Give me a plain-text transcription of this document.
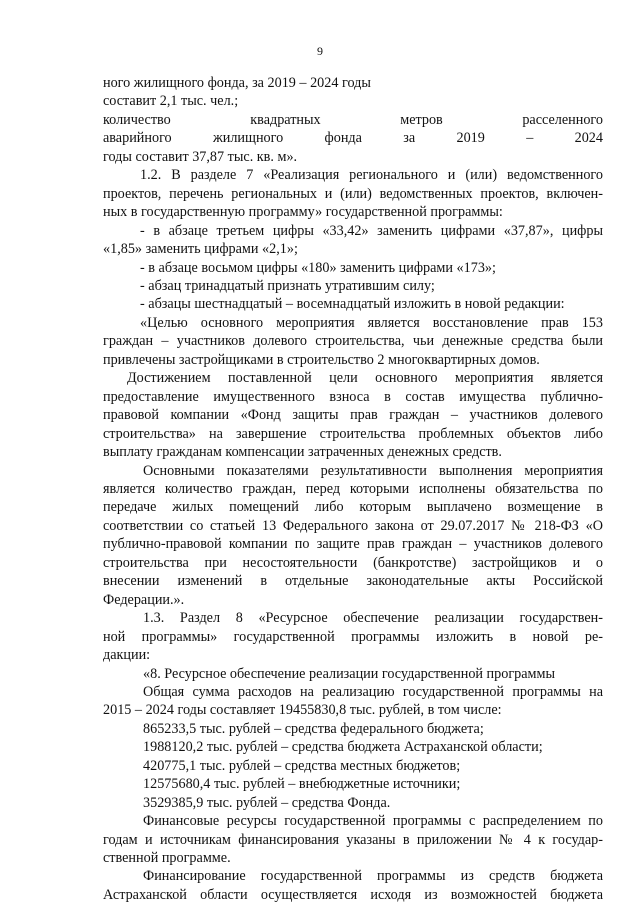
9

ного жилищного фонда, за 2019 – 2024 годы

составит 2,1 тыс. чел.;

количество квадратных метров расселенного

аварийного жилищного фонда за 2019 – 2024

годы составит 37,87 тыс. кв. м».

1.2. В разделе 7 «Реализация регионального и (или) ведомственного

проектов, перечень региональных и (или) ведомственных проектов, включен-

ных в государственную программу» государственной программы:

- в абзаце третьем цифры «33,42» заменить цифрами «37,87», цифры

«1,85» заменить цифрами «2,1»;

- в абзаце восьмом цифры «180» заменить цифрами «173»;

- абзац тринадцатый признать утратившим силу;

- абзацы шестнадцатый – восемнадцатый изложить в новой редакции:

«Целью основного мероприятия является восстановление прав 153

граждан – участников долевого строительства, чьи денежные средства были

привлечены застройщиками в строительство 2 многоквартирных домов.

Достижением поставленной цели основного мероприятия является

предоставление имущественного взноса в состав имущества публично-

правовой компании «Фонд защиты прав граждан – участников долевого

строительства» на завершение строительства проблемных объектов либо

выплату гражданам компенсации затраченных денежных средств.

Основными показателями результативности выполнения мероприятия

является количество граждан, перед которыми исполнены обязательства по

передаче жилых помещений либо которым выплачено возмещение в

соответствии со статьей 13 Федерального закона от 29.07.2017 № 218-ФЗ «О

публично-правовой компании по защите прав граждан – участников долевого

строительства при несостоятельности (банкротстве) застройщиков и о

внесении изменений в отдельные законодательные акты Российской

Федерации.».

1.3. Раздел 8 «Ресурсное обеспечение реализации государствен-

ной программы» государственной программы изложить в новой ре-

дакции:

«8. Ресурсное обеспечение реализации государственной программы

Общая сумма расходов на реализацию государственной программы на

2015 – 2024 годы составляет 19455830,8 тыс. рублей, в том числе:

865233,5 тыс. рублей – средства федерального бюджета;

1988120,2 тыс. рублей – средства бюджета Астраханской области;

420775,1 тыс. рублей – средства местных бюджетов;

12575680,4 тыс. рублей – внебюджетные источники;

3529385,9 тыс. рублей – средства Фонда.

Финансовые ресурсы государственной программы с распределением по

годам и источникам финансирования указаны в приложении № 4 к государ-

ственной программе.

Финансирование государственной программы из средств бюджета

Астраханской области осуществляется исходя из возможностей бюджета
